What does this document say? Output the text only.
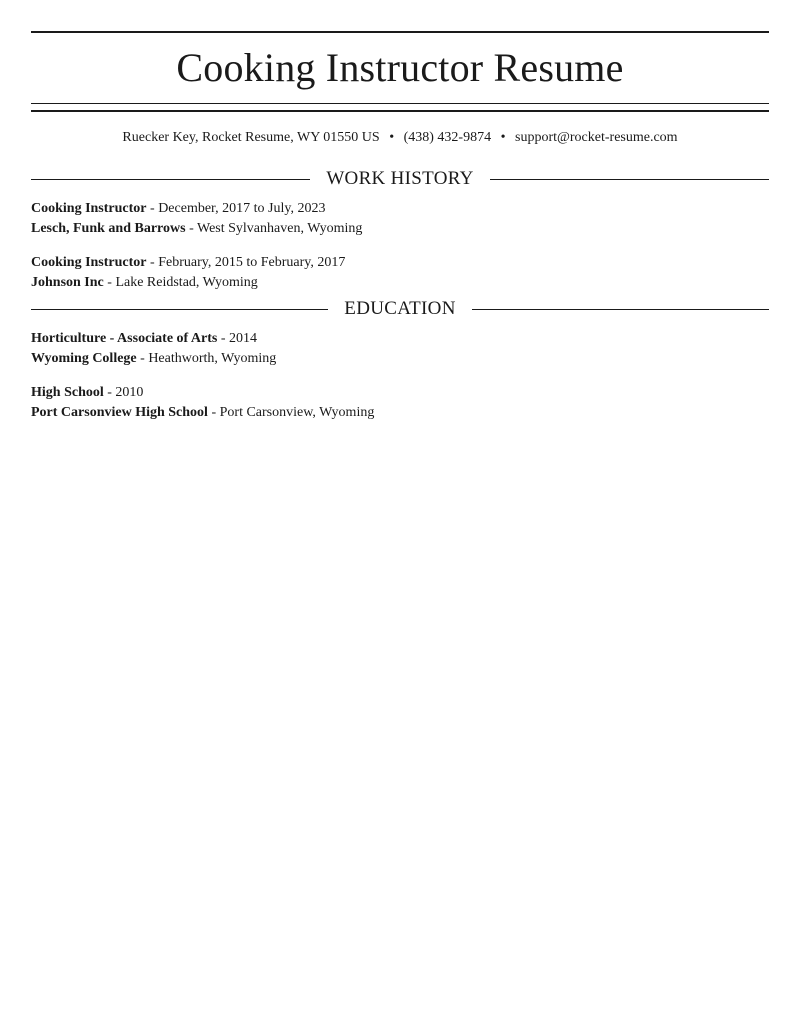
Cooking Instructor Resume
Ruecker Key, Rocket Resume, WY 01550 US • (438) 432-9874 • support@rocket-resume.com
WORK HISTORY
Cooking Instructor - December, 2017 to July, 2023
Lesch, Funk and Barrows - West Sylvanhaven, Wyoming
Cooking Instructor - February, 2015 to February, 2017
Johnson Inc - Lake Reidstad, Wyoming
EDUCATION
Horticulture - Associate of Arts - 2014
Wyoming College - Heathworth, Wyoming
High School - 2010
Port Carsonview High School - Port Carsonview, Wyoming
